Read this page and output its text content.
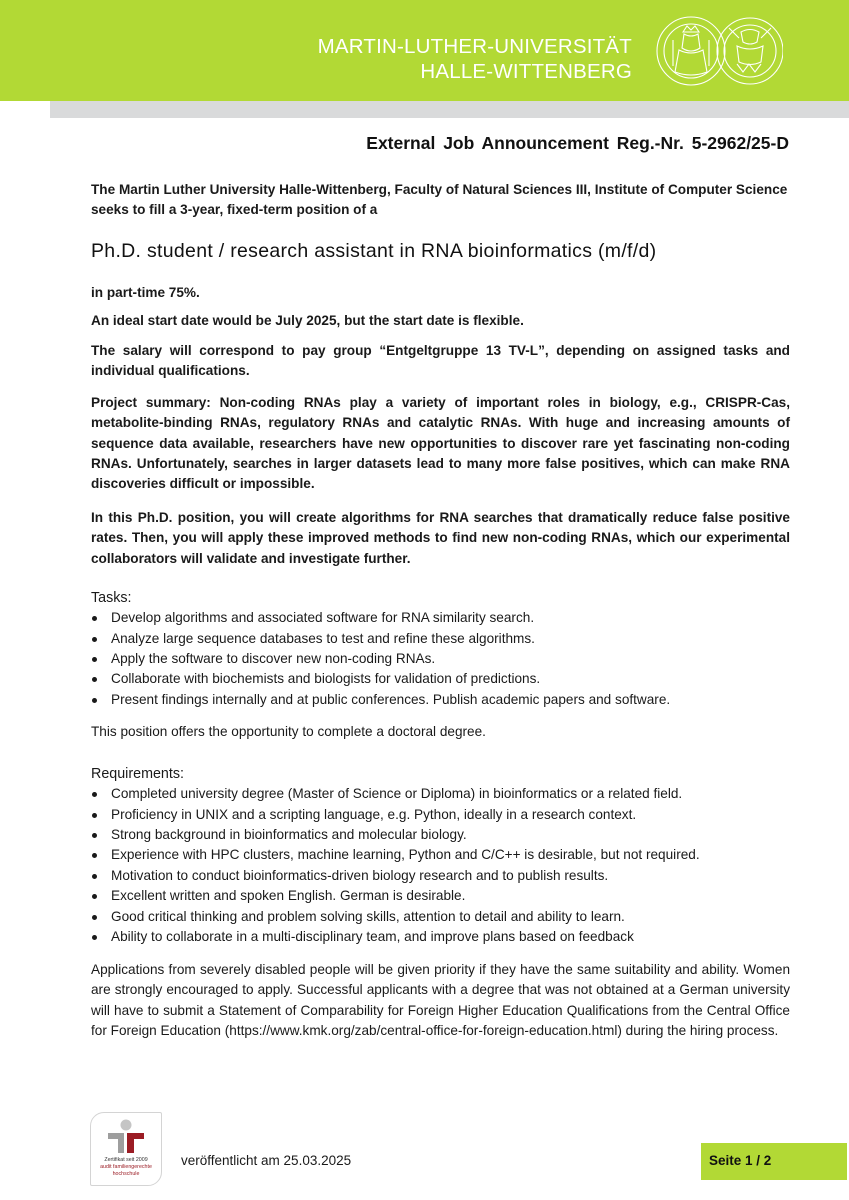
MARTIN-LUTHER-UNIVERSITÄT
HALLE-WITTENBERG
External Job Announcement Reg.-Nr. 5-2962/25-D

The Martin Luther University Halle-Wittenberg, Faculty of Natural Sciences III, Institute of Computer Science seeks to fill a 3-year, fixed-term position of a

Ph.D. student / research assistant in RNA bioinformatics (m/f/d)

in part-time 75%.

An ideal start date would be July 2025, but the start date is flexible.

The salary will correspond to pay group “Entgeltgruppe 13 TV-L”, depending on assigned tasks and individual qualifications.

Project summary: Non-coding RNAs play a variety of important roles in biology, e.g., CRISPR-Cas, metabolite-binding RNAs, regulatory RNAs and catalytic RNAs. With huge and increasing amounts of sequence data available, researchers have new opportunities to discover rare yet fascinating non-coding RNAs. Unfortunately, searches in larger datasets lead to many more false positives, which can make RNA discoveries difficult or impossible.

In this Ph.D. position, you will create algorithms for RNA searches that dramatically reduce false positive rates. Then, you will apply these improved methods to find new non-coding RNAs, which our experimental collaborators will validate and investigate further.

Tasks:
Develop algorithms and associated software for RNA similarity search.
Analyze large sequence databases to test and refine these algorithms.
Apply the software to discover new non-coding RNAs.
Collaborate with biochemists and biologists for validation of predictions.
Present findings internally and at public conferences. Publish academic papers and software.

This position offers the opportunity to complete a doctoral degree.

Requirements:
Completed university degree (Master of Science or Diploma) in bioinformatics or a related field.
Proficiency in UNIX and a scripting language, e.g. Python, ideally in a research context.
Strong background in bioinformatics and molecular biology.
Experience with HPC clusters, machine learning, Python and C/C++ is desirable, but not required.
Motivation to conduct bioinformatics-driven biology research and to publish results.
Excellent written and spoken English. German is desirable.
Good critical thinking and problem solving skills, attention to detail and ability to learn.
Ability to collaborate in a multi-disciplinary team, and improve plans based on feedback

Applications from severely disabled people will be given priority if they have the same suitability and ability. Women are strongly encouraged to apply. Successful applicants with a degree that was not obtained at a German university will have to submit a Statement of Comparability for Foreign Higher Education Qualifications from the Central Office for Foreign Education (https://www.kmk.org/zab/central-office-for-foreign-education.html) during the hiring process.

Zertifikat seit 2009
audit familiengerechte
hochschule
veröffentlicht am 25.03.2025	Seite 1 / 2
